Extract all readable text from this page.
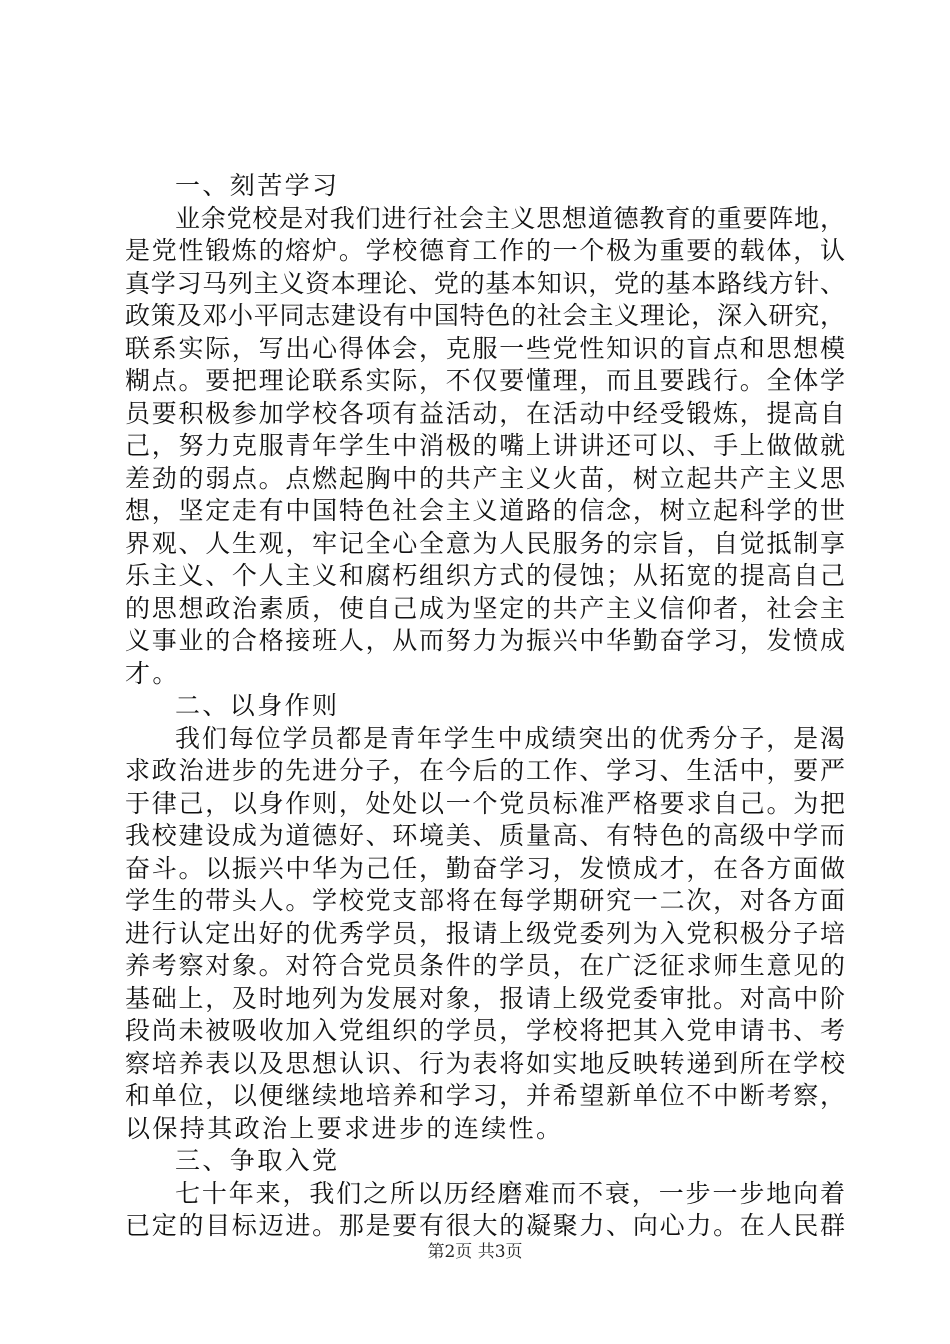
一、刻苦学习
业余党校是对我们进行社会主义思想道德教育的重要阵地，
是党性锻炼的熔炉。学校德育工作的一个极为重要的载体，认
真学习马列主义资本理论、党的基本知识，党的基本路线方针、
政策及邓小平同志建设有中国特色的社会主义理论，深入研究，
联系实际，写出心得体会，克服一些党性知识的盲点和思想模
糊点。要把理论联系实际，不仅要懂理，而且要践行。全体学
员要积极参加学校各项有益活动，在活动中经受锻炼，提高自
己，努力克服青年学生中消极的嘴上讲讲还可以、手上做做就
差劲的弱点。点燃起胸中的共产主义火苗，树立起共产主义思
想，坚定走有中国特色社会主义道路的信念，树立起科学的世
界观、人生观，牢记全心全意为人民服务的宗旨，自觉抵制享
乐主义、个人主义和腐朽组织方式的侵蚀；从拓宽的提高自己
的思想政治素质，使自己成为坚定的共产主义信仰者，社会主
义事业的合格接班人，从而努力为振兴中华勤奋学习，发愤成
才。
二、以身作则
我们每位学员都是青年学生中成绩突出的优秀分子，是渴
求政治进步的先进分子，在今后的工作、学习、生活中，要严
于律己，以身作则，处处以一个党员标准严格要求自己。为把
我校建设成为道德好、环境美、质量高、有特色的高级中学而
奋斗。以振兴中华为己任，勤奋学习，发愤成才，在各方面做
学生的带头人。学校党支部将在每学期研究一二次，对各方面
进行认定出好的优秀学员，报请上级党委列为入党积极分子培
养考察对象。对符合党员条件的学员，在广泛征求师生意见的
基础上，及时地列为发展对象，报请上级党委审批。对高中阶
段尚未被吸收加入党组织的学员，学校将把其入党申请书、考
察培养表以及思想认识、行为表将如实地反映转递到所在学校
和单位，以便继续地培养和学习，并希望新单位不中断考察，
以保持其政治上要求进步的连续性。
三、争取入党
七十年来，我们之所以历经磨难而不衰，一步一步地向着
已定的目标迈进。那是要有很大的凝聚力、向心力。在人民群
第2页 共3页
